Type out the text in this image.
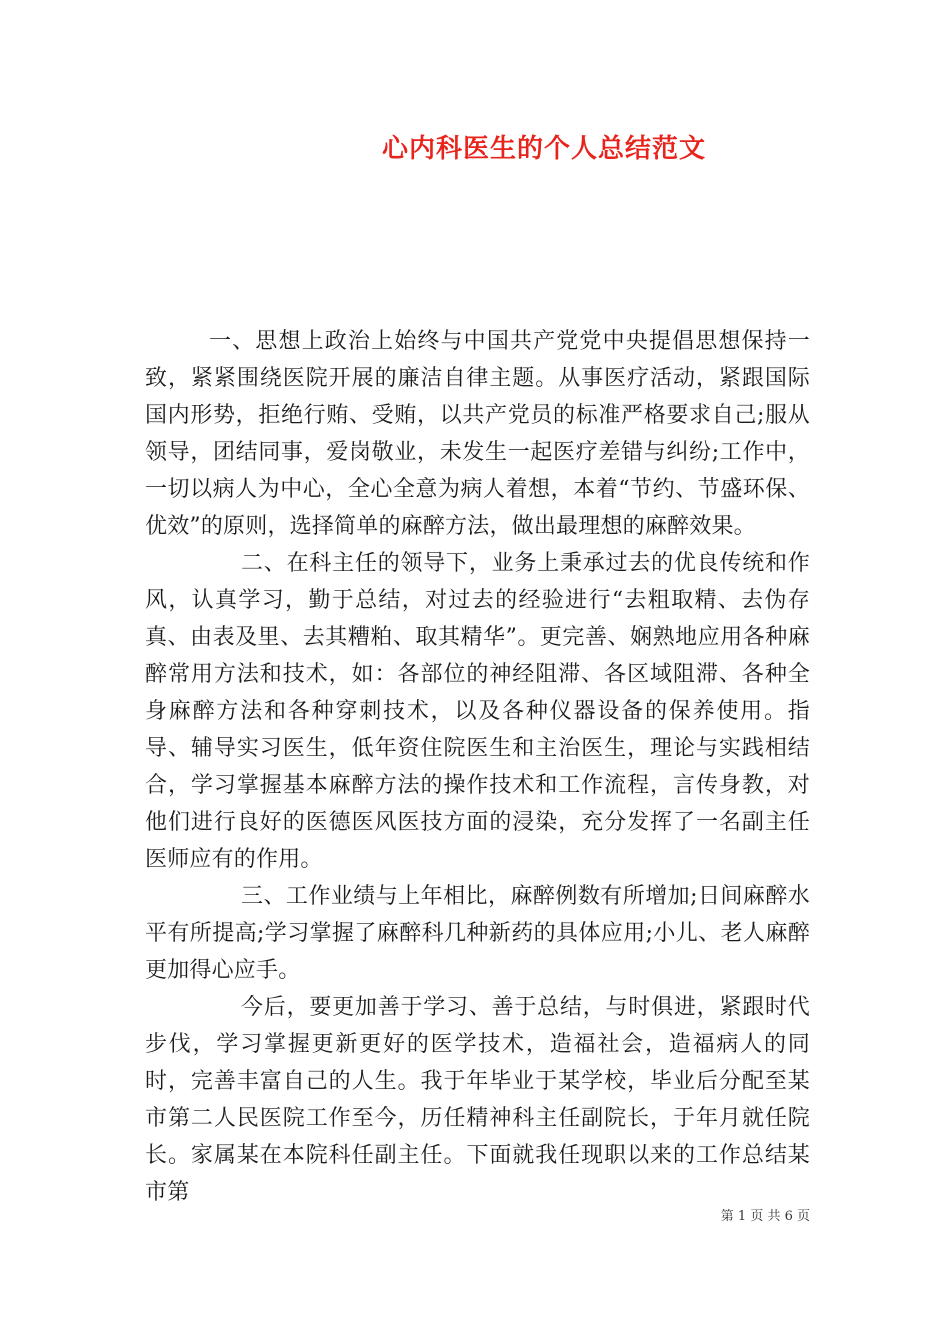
心内科医生的个人总结范文

一、思想上政治上始终与中国共产党党中央提倡思想保持一致，紧紧围绕医院开展的廉洁自律主题。从事医疗活动，紧跟国际国内形势，拒绝行贿、受贿，以共产党员的标准严格要求自己;服从领导，团结同事，爱岗敬业，未发生一起医疗差错与纠纷;工作中，一切以病人为中心，全心全意为病人着想，本着“节约、节盛环保、优效”的原则，选择简单的麻醉方法，做出最理想的麻醉效果。

二、在科主任的领导下，业务上秉承过去的优良传统和作风，认真学习，勤于总结，对过去的经验进行“去粗取精、去伪存真、由表及里、去其糟粕、取其精华”。更完善、娴熟地应用各种麻醉常用方法和技术，如：各部位的神经阻滞、各区域阻滞、各种全身麻醉方法和各种穿刺技术，以及各种仪器设备的保养使用。指导、辅导实习医生，低年资住院医生和主治医生，理论与实践相结合，学习掌握基本麻醉方法的操作技术和工作流程，言传身教，对他们进行良好的医德医风医技方面的浸染，充分发挥了一名副主任医师应有的作用。

三、工作业绩与上年相比，麻醉例数有所增加;日间麻醉水平有所提高;学习掌握了麻醉科几种新药的具体应用;小儿、老人麻醉更加得心应手。

今后，要更加善于学习、善于总结，与时俱进，紧跟时代步伐，学习掌握更新更好的医学技术，造福社会，造福病人的同时，完善丰富自己的人生。我于年毕业于某学校，毕业后分配至某市第二人民医院工作至今，历任精神科主任副院长，于年月就任院长。家属某在本院科任副主任。下面就我任现职以来的工作总结某市第

第 1 页 共 6 页
